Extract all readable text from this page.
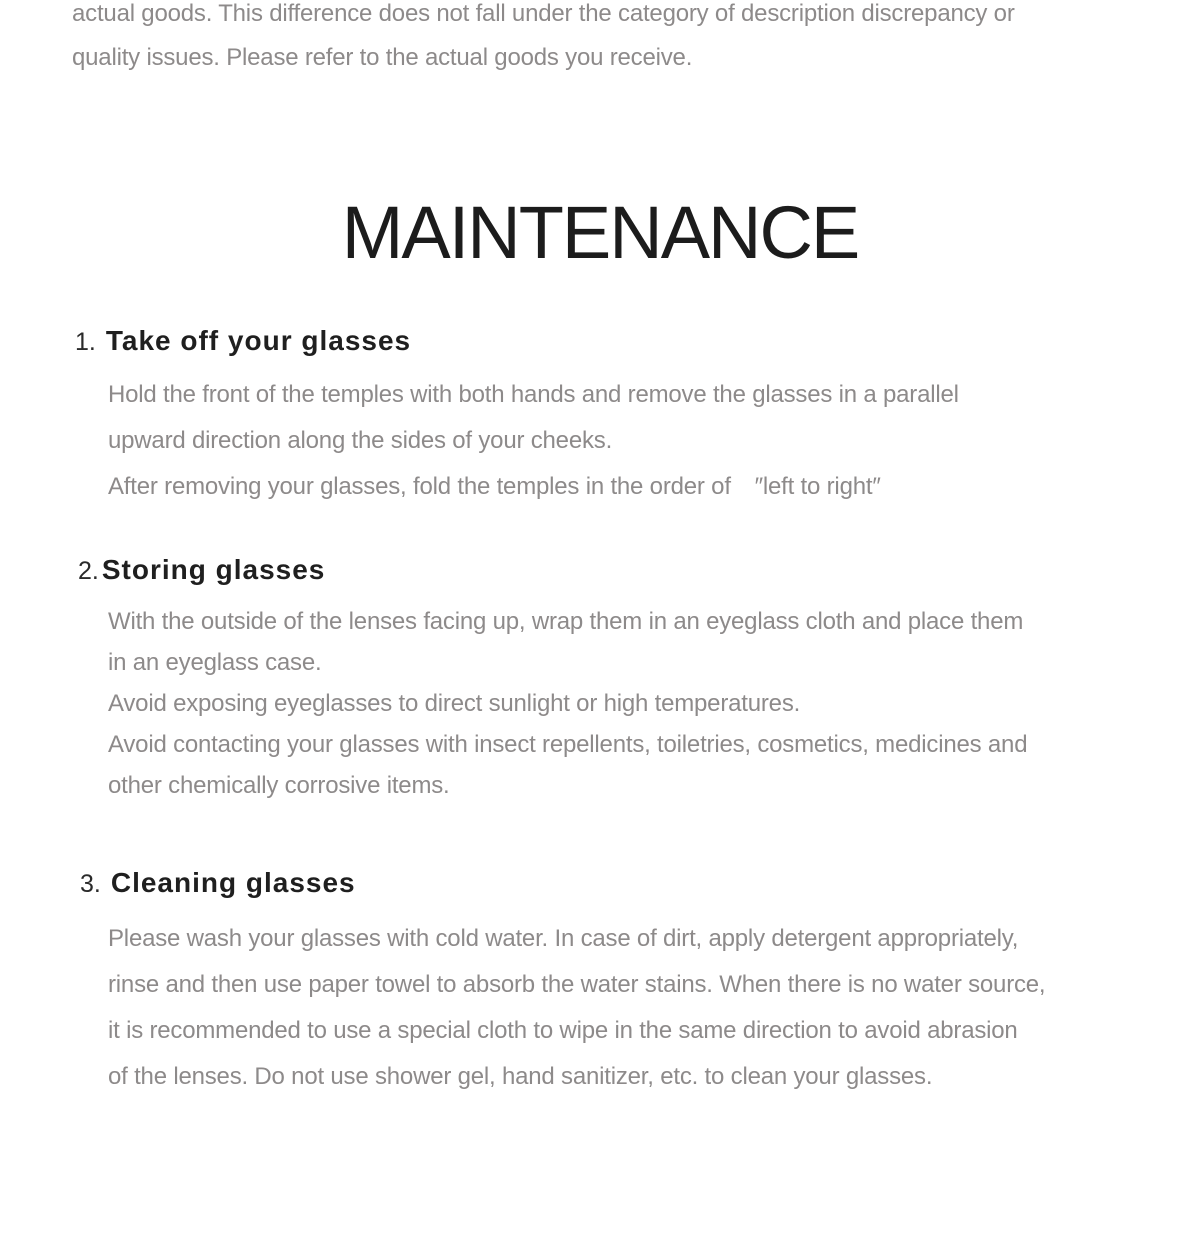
actual goods. This difference does not fall under the category of description discrepancy or
quality issues. Please refer to the actual goods you receive.
MAINTENANCE
1. Take off your glasses
Hold the front of the temples with both hands and remove the glasses in a parallel
upward direction along the sides of your cheeks.
After removing your glasses, fold the temples in the order of　″left to right″
2. Storing glasses
With the outside of the lenses facing up, wrap them in an eyeglass cloth and place them
in an eyeglass case.
Avoid exposing eyeglasses to direct sunlight or high temperatures.
Avoid contacting your glasses with insect repellents, toiletries, cosmetics, medicines and
other chemically corrosive items.
3. Cleaning glasses
Please wash your glasses with cold water. In case of dirt, apply detergent appropriately,
rinse and then use paper towel to absorb the water stains. When there is no water source,
it is recommended to use a special cloth to wipe in the same direction to avoid abrasion
of the lenses. Do not use shower gel, hand sanitizer, etc. to clean your glasses.
